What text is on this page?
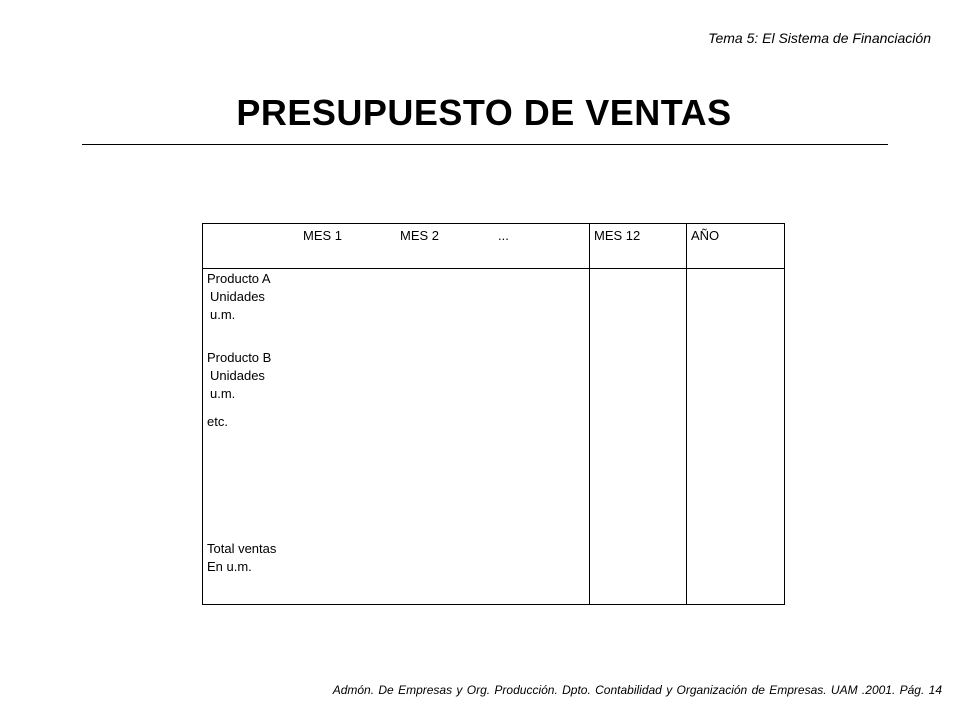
Tema 5: El Sistema de Financiación
PRESUPUESTO DE VENTAS
MES 1	MES 2	...	MES 12	AÑO
Producto A
Unidades
u.m.
Producto B
Unidades
u.m.
etc.
Total ventas
En u.m.
Admón. De Empresas y Org. Producción. Dpto. Contabilidad y Organización de Empresas. UAM .2001. Pág. 14
